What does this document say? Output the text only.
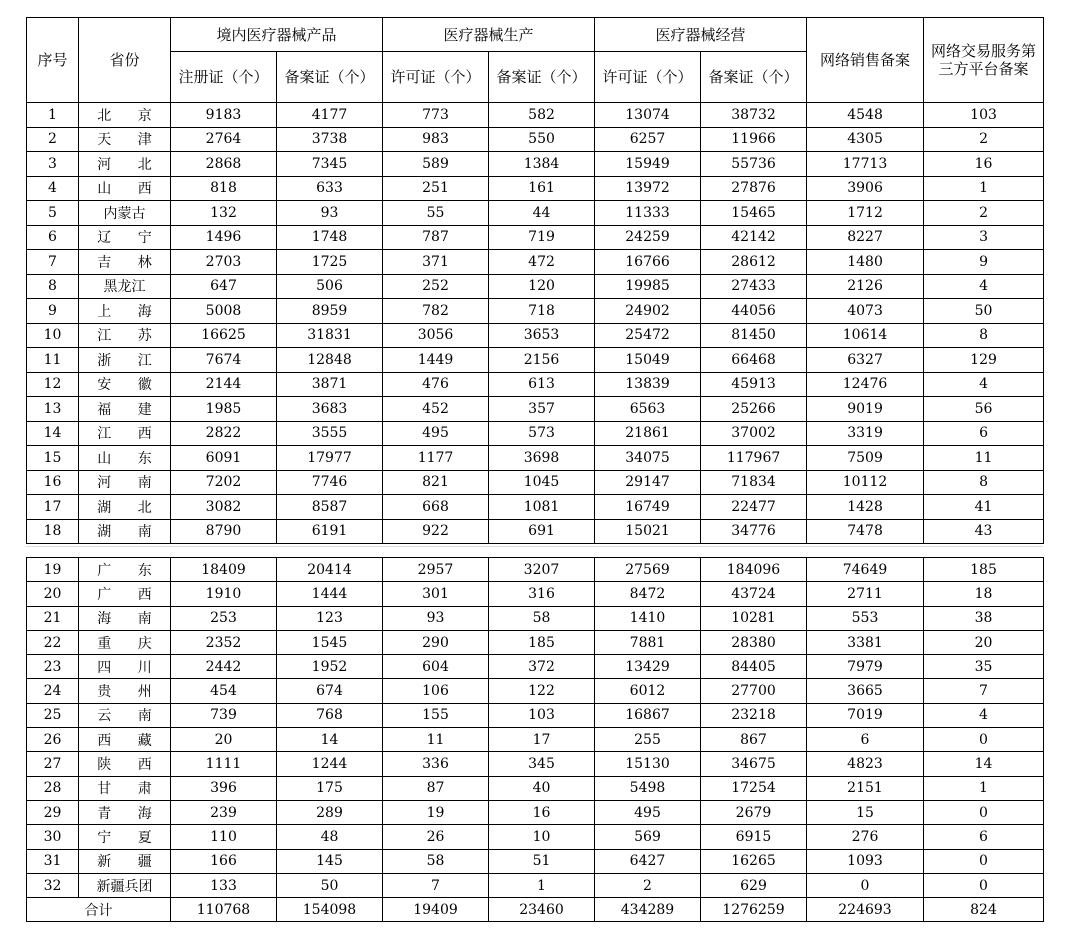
序号	省份	境内医疗器械产品		医疗器械生产		医疗器械经营		网络销售备案	网络交易服务第三方平台备案
		注册证（个）	备案证（个）	许可证（个）	备案证（个）	许可证（个）	备案证（个）		
1	北 京	9183	4177	773	582	13074	38732	4548	103
2	天 津	2764	3738	983	550	6257	11966	4305	2
3	河 北	2868	7345	589	1384	15949	55736	17713	16
4	山 西	818	633	251	161	13972	27876	3906	1
5	内蒙古	132	93	55	44	11333	15465	1712	2
6	辽 宁	1496	1748	787	719	24259	42142	8227	3
7	吉 林	2703	1725	371	472	16766	28612	1480	9
8	黑龙江	647	506	252	120	19985	27433	2126	4
9	上 海	5008	8959	782	718	24902	44056	4073	50
10	江 苏	16625	31831	3056	3653	25472	81450	10614	8
11	浙 江	7674	12848	1449	2156	15049	66468	6327	129
12	安 徽	2144	3871	476	613	13839	45913	12476	4
13	福 建	1985	3683	452	357	6563	25266	9019	56
14	江 西	2822	3555	495	573	21861	37002	3319	6
15	山 东	6091	17977	1177	3698	34075	117967	7509	11
16	河 南	7202	7746	821	1045	29147	71834	10112	8
17	湖 北	3082	8587	668	1081	16749	22477	1428	41
18	湖 南	8790	6191	922	691	15021	34776	7478	43
19	广 东	18409	20414	2957	3207	27569	184096	74649	185
20	广 西	1910	1444	301	316	8472	43724	2711	18
21	海 南	253	123	93	58	1410	10281	553	38
22	重 庆	2352	1545	290	185	7881	28380	3381	20
23	四 川	2442	1952	604	372	13429	84405	7979	35
24	贵 州	454	674	106	122	6012	27700	3665	7
25	云 南	739	768	155	103	16867	23218	7019	4
26	西 藏	20	14	11	17	255	867	6	0
27	陕 西	1111	1244	336	345	15130	34675	4823	14
28	甘 肃	396	175	87	40	5498	17254	2151	1
29	青 海	239	289	19	16	495	2679	15	0
30	宁 夏	110	48	26	10	569	6915	276	6
31	新 疆	166	145	58	51	6427	16265	1093	0
32	新疆兵团	133	50	7	1	2	629	0	0
合计		110768	154098	19409	23460	434289	1276259	224693	824
